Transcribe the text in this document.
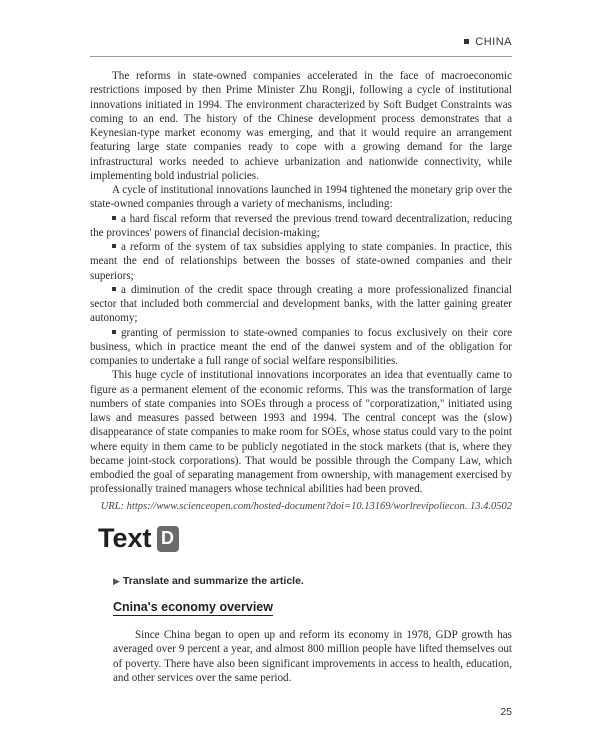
CHINA

The reforms in state-owned companies accelerated in the face of macroeconomic restrictions imposed by then Prime Minister Zhu Rongji, following a cycle of institutional innovations initiated in 1994. The environment characterized by Soft Budget Constraints was coming to an end. The history of the Chinese development process demonstrates that a Keynesian-type market economy was emerging, and that it would require an arrangement featuring large state companies ready to cope with a growing demand for the large infrastructural works needed to achieve urbanization and nationwide connectivity, while implementing bold industrial policies.

A cycle of institutional innovations launched in 1994 tightened the monetary grip over the state-owned companies through a variety of mechanisms, including:

a hard fiscal reform that reversed the previous trend toward decentralization, reducing the provinces' powers of financial decision-making;

a reform of the system of tax subsidies applying to state companies. In practice, this meant the end of relationships between the bosses of state-owned companies and their superiors;

a diminution of the credit space through creating a more professionalized financial sector that included both commercial and development banks, with the latter gaining greater autonomy;

granting of permission to state-owned companies to focus exclusively on their core business, which in practice meant the end of the danwei system and of the obligation for companies to undertake a full range of social welfare responsibilities.

This huge cycle of institutional innovations incorporates an idea that eventually came to figure as a permanent element of the economic reforms. This was the transformation of large numbers of state companies into SOEs through a process of "corporatization," initiated using laws and measures passed between 1993 and 1994. The central concept was the (slow) disappearance of state companies to make room for SOEs, whose status could vary to the point where equity in them came to be publicly negotiated in the stock markets (that is, where they became joint-stock corporations). That would be possible through the Company Law, which embodied the goal of separating management from ownership, with management exercised by professionally trained managers whose technical abilities had been proved.

URL: https://www.scienceopen.com/hosted-document?doi=10.13169/worlrevipoliecon. 13.4.0502

Text D
▶ Translate and summarize the article.
Cnina's economy overview

Since China began to open up and reform its economy in 1978, GDP growth has averaged over 9 percent a year, and almost 800 million people have lifted themselves out of poverty. There have also been significant improvements in access to health, education, and other services over the same period.

25
